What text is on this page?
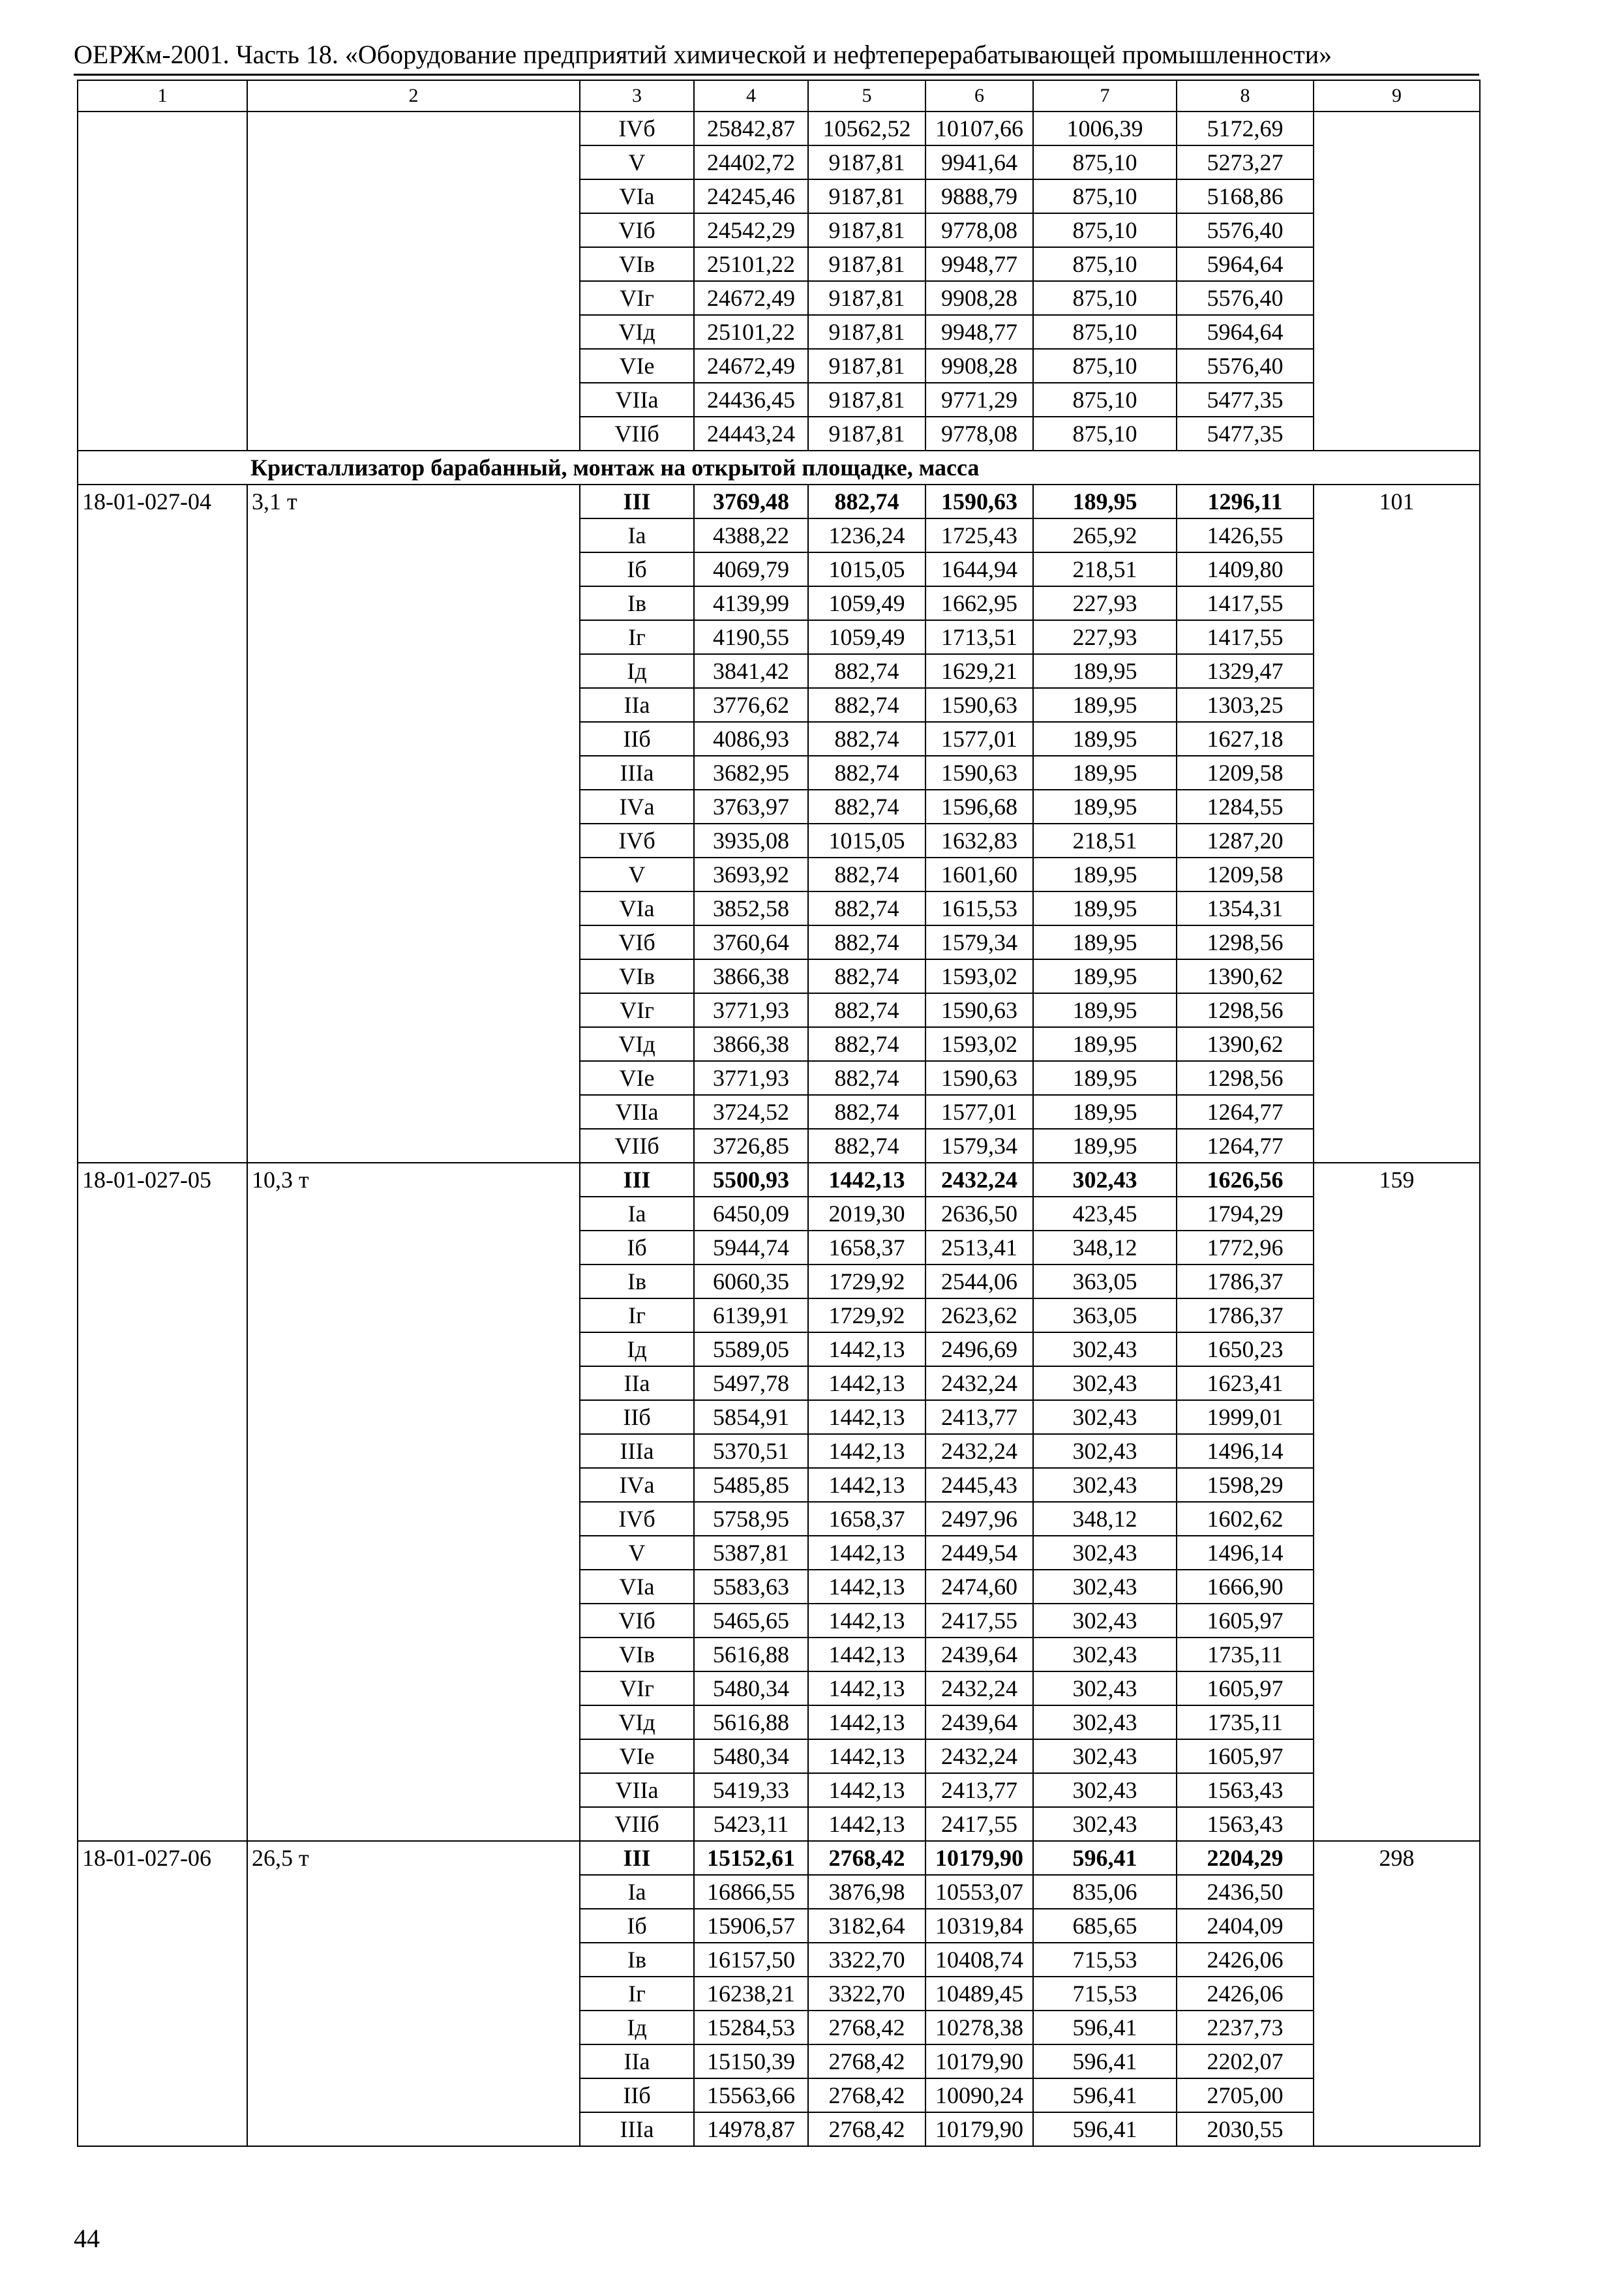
ОЕРЖм-2001. Часть 18. «Оборудование предприятий химической и нефтеперерабатывающей промышленности»
1	2	3	4	5	6	7	8	9
		IVб	25842,87	10562,52	10107,66	1006,39	5172,69	
		V	24402,72	9187,81	9941,64	875,10	5273,27	
		VIа	24245,46	9187,81	9888,79	875,10	5168,86	
		VIб	24542,29	9187,81	9778,08	875,10	5576,40	
		VIв	25101,22	9187,81	9948,77	875,10	5964,64	
		VIг	24672,49	9187,81	9908,28	875,10	5576,40	
		VIд	25101,22	9187,81	9948,77	875,10	5964,64	
		VIе	24672,49	9187,81	9908,28	875,10	5576,40	
		VIIа	24436,45	9187,81	9771,29	875,10	5477,35	
		VIIб	24443,24	9187,81	9778,08	875,10	5477,35	
Кристаллизатор барабанный, монтаж на открытой площадке, масса								
18-01-027-04	3,1 т	III	3769,48	882,74	1590,63	189,95	1296,11	101
		Iа	4388,22	1236,24	1725,43	265,92	1426,55	
		Iб	4069,79	1015,05	1644,94	218,51	1409,80	
		Iв	4139,99	1059,49	1662,95	227,93	1417,55	
		Iг	4190,55	1059,49	1713,51	227,93	1417,55	
		Iд	3841,42	882,74	1629,21	189,95	1329,47	
		IIа	3776,62	882,74	1590,63	189,95	1303,25	
		IIб	4086,93	882,74	1577,01	189,95	1627,18	
		IIIа	3682,95	882,74	1590,63	189,95	1209,58	
		IVа	3763,97	882,74	1596,68	189,95	1284,55	
		IVб	3935,08	1015,05	1632,83	218,51	1287,20	
		V	3693,92	882,74	1601,60	189,95	1209,58	
		VIа	3852,58	882,74	1615,53	189,95	1354,31	
		VIб	3760,64	882,74	1579,34	189,95	1298,56	
		VIв	3866,38	882,74	1593,02	189,95	1390,62	
		VIг	3771,93	882,74	1590,63	189,95	1298,56	
		VIд	3866,38	882,74	1593,02	189,95	1390,62	
		VIе	3771,93	882,74	1590,63	189,95	1298,56	
		VIIа	3724,52	882,74	1577,01	189,95	1264,77	
		VIIб	3726,85	882,74	1579,34	189,95	1264,77	
18-01-027-05	10,3 т	III	5500,93	1442,13	2432,24	302,43	1626,56	159
		Iа	6450,09	2019,30	2636,50	423,45	1794,29	
		Iб	5944,74	1658,37	2513,41	348,12	1772,96	
		Iв	6060,35	1729,92	2544,06	363,05	1786,37	
		Iг	6139,91	1729,92	2623,62	363,05	1786,37	
		Iд	5589,05	1442,13	2496,69	302,43	1650,23	
		IIа	5497,78	1442,13	2432,24	302,43	1623,41	
		IIб	5854,91	1442,13	2413,77	302,43	1999,01	
		IIIа	5370,51	1442,13	2432,24	302,43	1496,14	
		IVа	5485,85	1442,13	2445,43	302,43	1598,29	
		IVб	5758,95	1658,37	2497,96	348,12	1602,62	
		V	5387,81	1442,13	2449,54	302,43	1496,14	
		VIа	5583,63	1442,13	2474,60	302,43	1666,90	
		VIб	5465,65	1442,13	2417,55	302,43	1605,97	
		VIв	5616,88	1442,13	2439,64	302,43	1735,11	
		VIг	5480,34	1442,13	2432,24	302,43	1605,97	
		VIд	5616,88	1442,13	2439,64	302,43	1735,11	
		VIе	5480,34	1442,13	2432,24	302,43	1605,97	
		VIIа	5419,33	1442,13	2413,77	302,43	1563,43	
		VIIб	5423,11	1442,13	2417,55	302,43	1563,43	
18-01-027-06	26,5 т	III	15152,61	2768,42	10179,90	596,41	2204,29	298
		Iа	16866,55	3876,98	10553,07	835,06	2436,50	
		Iб	15906,57	3182,64	10319,84	685,65	2404,09	
		Iв	16157,50	3322,70	10408,74	715,53	2426,06	
		Iг	16238,21	3322,70	10489,45	715,53	2426,06	
		Iд	15284,53	2768,42	10278,38	596,41	2237,73	
		IIа	15150,39	2768,42	10179,90	596,41	2202,07	
		IIб	15563,66	2768,42	10090,24	596,41	2705,00	
		IIIа	14978,87	2768,42	10179,90	596,41	2030,55	
44
